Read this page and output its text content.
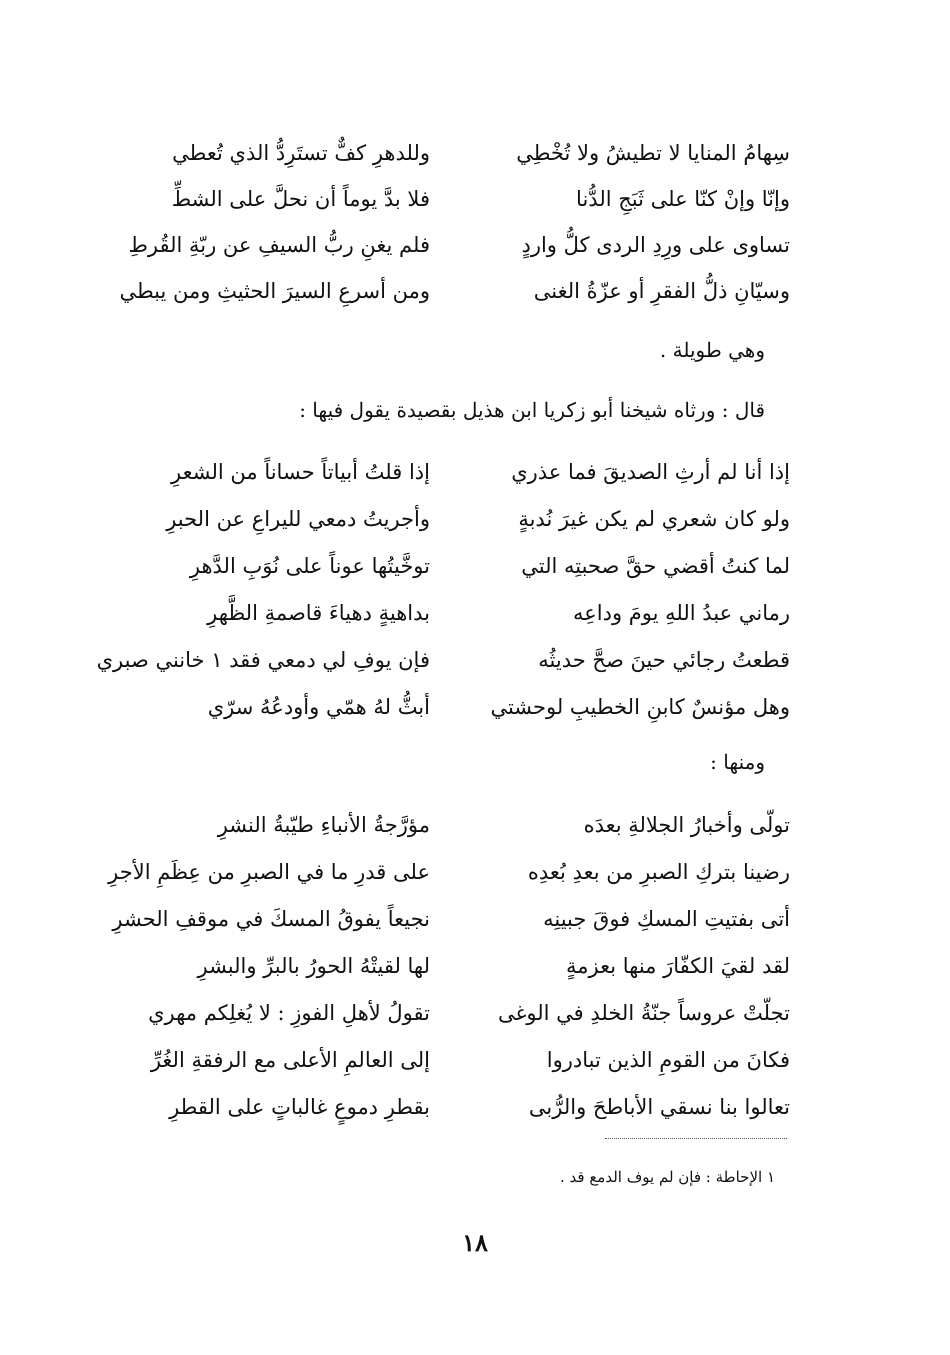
سِهامُ المنايا لا تطيشُ ولا تُخْطِي
وللدهرِ كفٌّ تستَرِدُّ الذي تُعطي
وإنّا وإنْ كنّا على ثَبَجِ الدُّنا
فلا بدَّ يوماً أن نحلَّ على الشطِّ
تساوى على ورِدِ الردى كلُّ واردٍ
فلم يغنِ ربُّ السيفِ عن ربّةِ القُرطِ
وسيّانِ ذلُّ الفقرِ أو عزّةُ الغنى
ومن أسرعِ السيرَ الحثيثِ ومن يبطي
وهي طويلة .
قال : ورثاه شيخنا أبو زكريا ابن هذيل بقصيدة يقول فيها :
إذا أنا لم أرثِ الصديقَ فما عذري
إذا قلتُ أبياتاً حساناً من الشعرِ
ولو كان شعري لم يكن غيرَ نُدبةٍ
وأجريتُ دمعي لليراعِ عن الحبرِ
لما كنتُ أقضي حقَّ صحبتِه التي
توخَّيتُها عوناً على نُوَبِ الدَّهرِ
رماني عبدُ اللهِ يومَ وداعِه
بداهيةٍ دهياءَ قاصمةِ الظَّهرِ
قطعتُ رجائي حينَ صحَّ حديثُه
فإن يوفِ لي دمعي فقد ١ خانني صبري
وهل مؤنسٌ كابنِ الخطيبِ لوحشتي
أبثُّ لهُ همّي وأودعُهُ سرّي
ومنها :
تولّى وأخبارُ الجلالةِ بعدَه
مؤرَّجةُ الأنباءِ طيّبةُ النشرِ
رضينا بتركِ الصبرِ من بعدِ بُعدِه
على قدرِ ما في الصبرِ من عِظَمِ الأجرِ
أتى بفتيتِ المسكِ فوقَ جبينِه
نجيعاً يفوقُ المسكَ في موقفِ الحشرِ
لقد لقيَ الكفّارَ منها بعزمةٍ
لها لقيتْهُ الحورُ بالبرِّ والبشرِ
تجلّتْ عروساً جنّةُ الخلدِ في الوغى
تقولُ لأهلِ الفوزِ : لا يُغلِكم مهري
فكانَ من القومِ الذين تبادروا
إلى العالمِ الأعلى مع الرفقةِ الغُرِّ
تعالوا بنا نسقي الأباطحَ والرُّبى
بقطرِ دموعٍ غالباتٍ على القطرِ
١ الإحاطة : فإن لم يوف الدمع قد .
١٨
